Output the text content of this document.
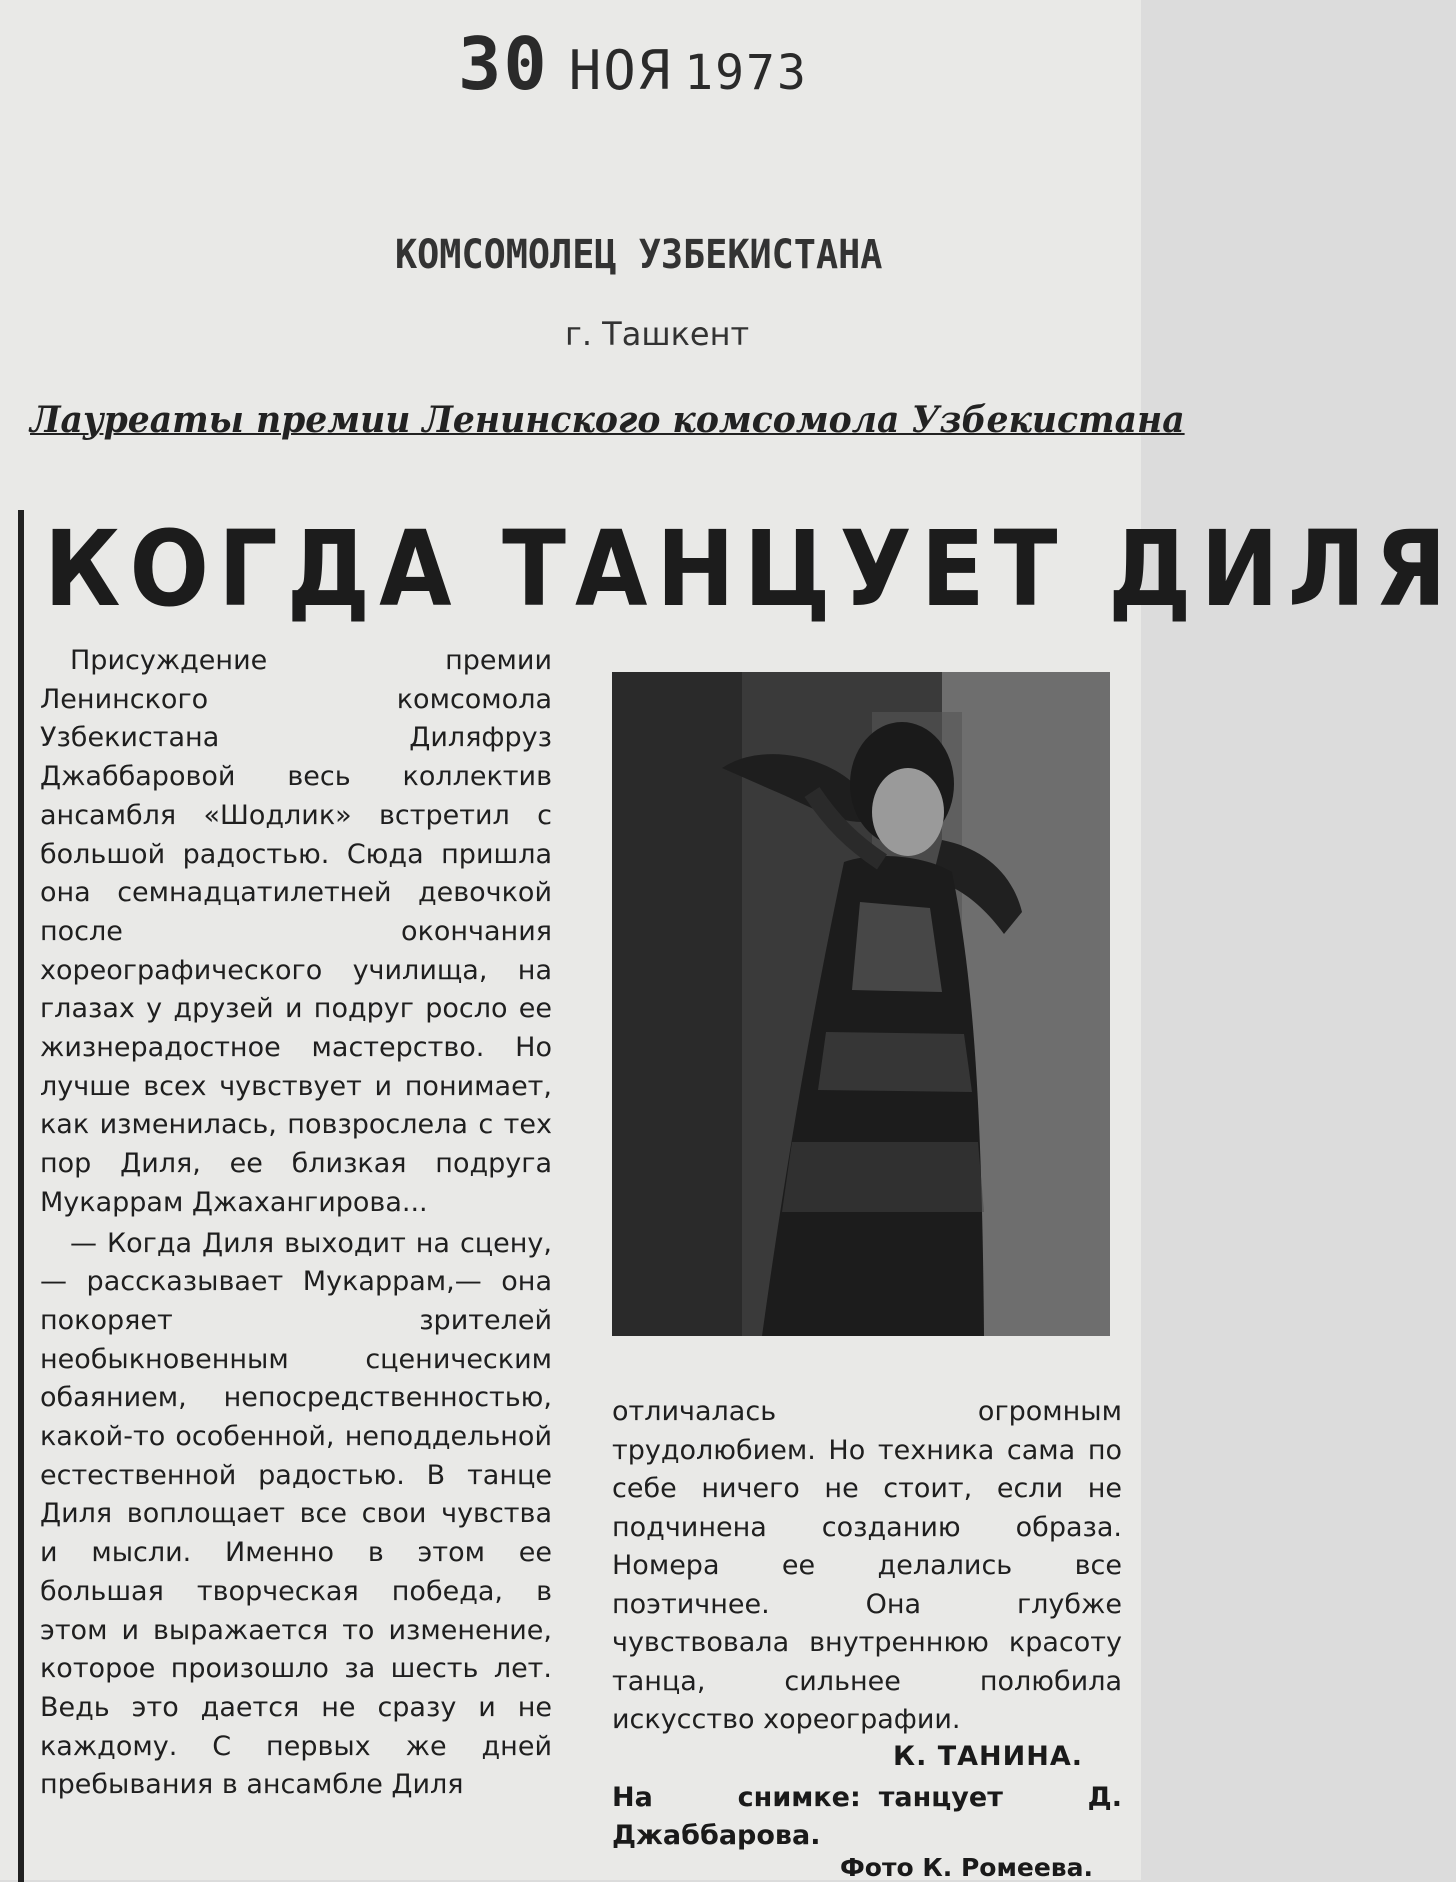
30 НОЯ 1973
КОМСОМОЛЕЦ УЗБЕКИСТАНА
г. Ташкент
Лауреаты премии Ленинского комсомола Узбекистана
КОГДА ТАНЦУЕТ ДИЛЯ

Присуждение премии Ленинского комсомола Узбекистана Диляфруз Джаббаровой весь коллектив ансамбля «Шодлик» встретил с большой радостью. Сюда пришла она семнадцатилетней девочкой после окончания хореографического училища, на глазах у друзей и подруг росло ее жизнерадостное мастерство. Но лучше всех чувствует и понимает, как изменилась, повзрослела с тех пор Диля, ее близкая подруга Мукаррам Джахангирова...

— Когда Диля выходит на сцену, — рассказывает Мукаррам,— она покоряет зрителей необыкновенным сценическим обаянием, непосредственностью, какой-то особенной, неподдельной естественной радостью. В танце Диля воплощает все свои чувства и мысли. Именно в этом ее большая творческая победа, в этом и выражается то изменение, которое произошло за шесть лет. Ведь это дается не сразу и не каждому. С первых же дней пребывания в ансамбле Диля

отличалась огромным трудолюбием. Но техника сама по себе ничего не стоит, если не подчинена созданию образа. Номера ее делались все поэтичнее. Она глубже чувствовала внутреннюю красоту танца, сильнее полюбила искусство хореографии.

К. ТАНИНА.
На снимке: танцует Д. Джаббарова.
Фото К. Ромеева.
